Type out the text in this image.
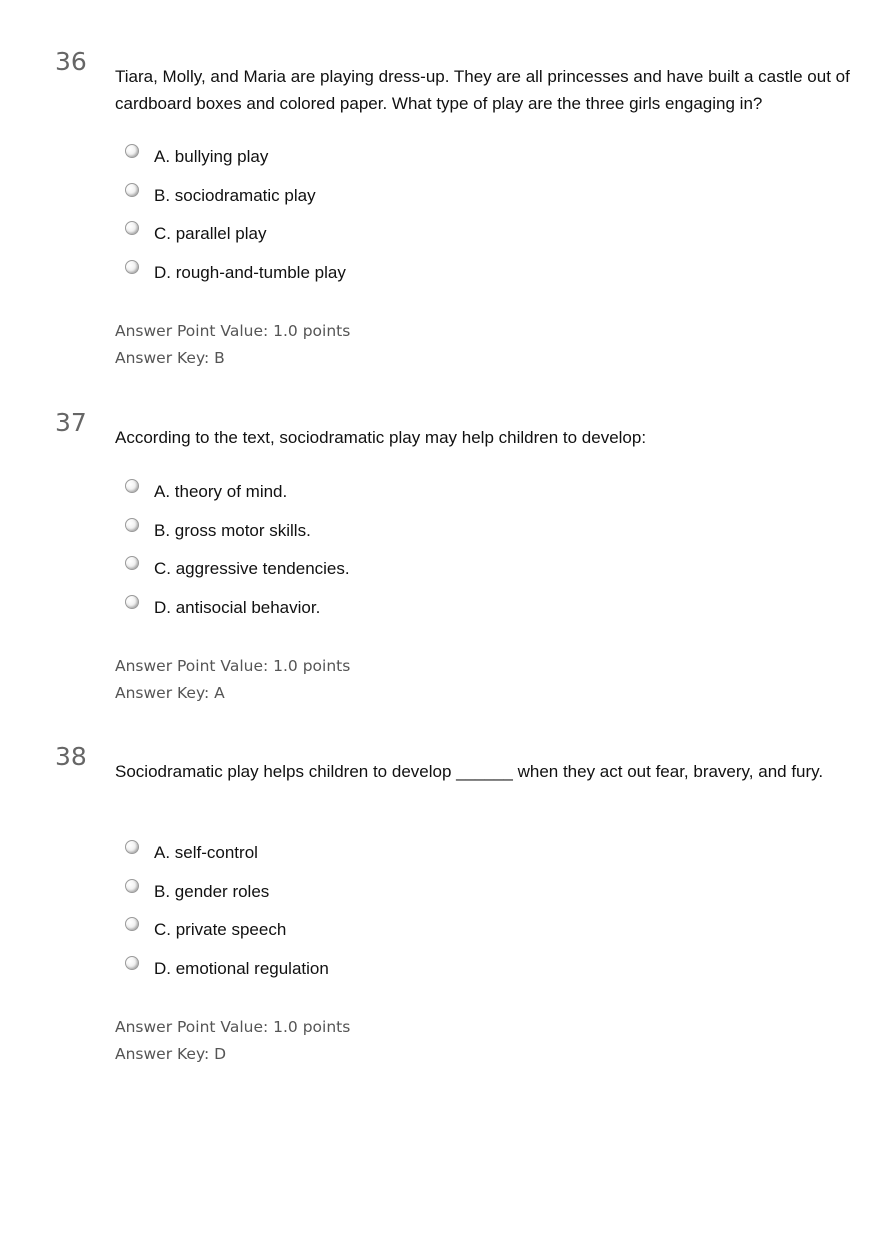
36
Tiara, Molly, and Maria are playing dress-up. They are all princesses and have built a castle out of cardboard boxes and colored paper. What type of play are the three girls engaging in?
A. bullying play
B. sociodramatic play
C. parallel play
D. rough-and-tumble play
Answer Point Value: 1.0 points
Answer Key: B
37
According to the text, sociodramatic play may help children to develop:
A. theory of mind.
B. gross motor skills.
C. aggressive tendencies.
D. antisocial behavior.
Answer Point Value: 1.0 points
Answer Key: A
38
Sociodramatic play helps children to develop ______ when they act out fear, bravery, and fury.
A. self-control
B. gender roles
C. private speech
D. emotional regulation
Answer Point Value: 1.0 points
Answer Key: D
